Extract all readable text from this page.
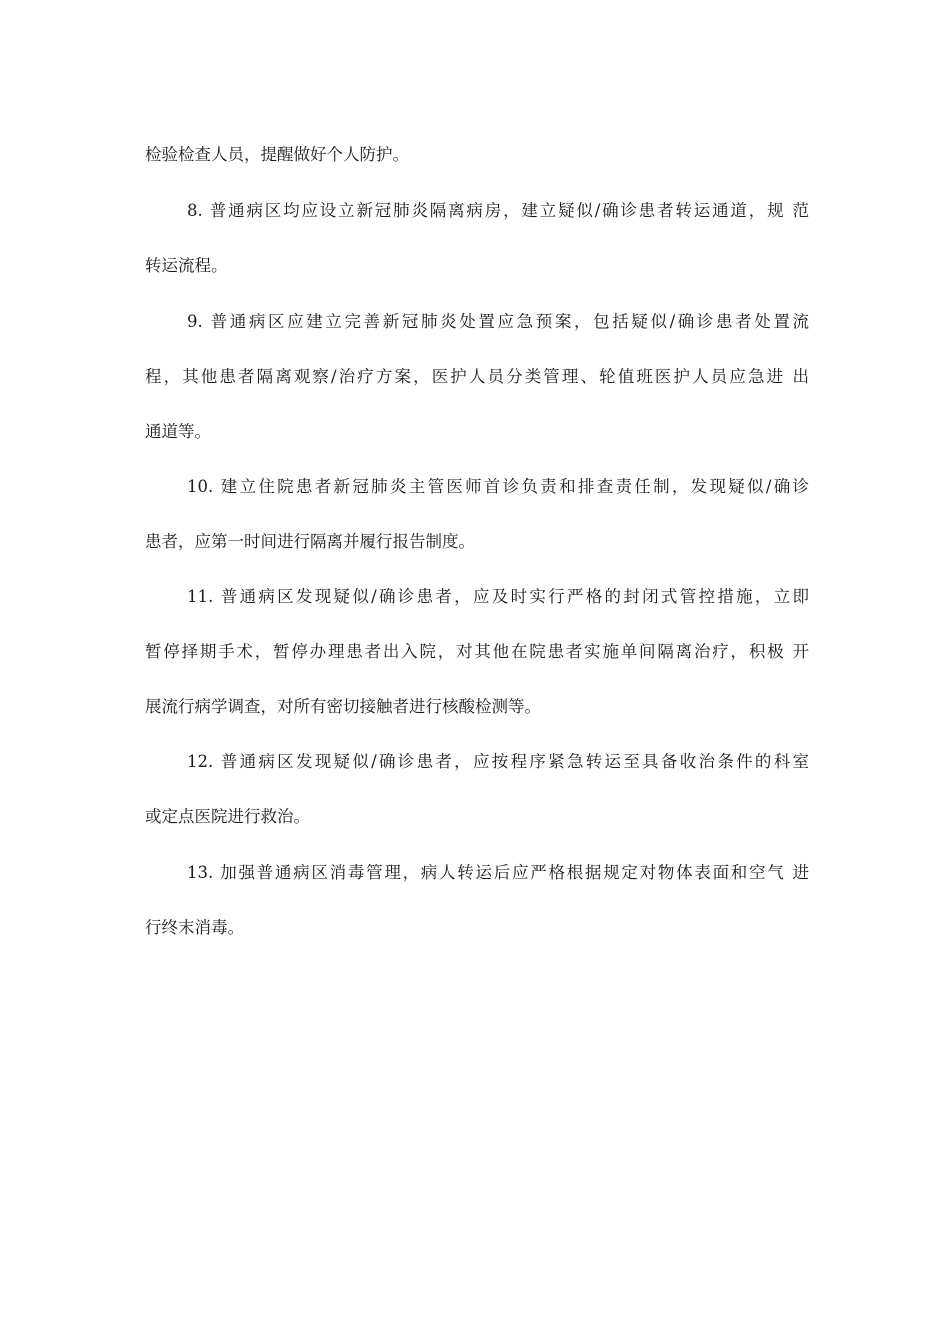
检验检查人员，提醒做好个人防护。
8. 普通病区均应设立新冠肺炎隔离病房，建立疑似/确诊患者转运通道，规 范
转运流程。
9. 普通病区应建立完善新冠肺炎处置应急预案，包括疑似/确诊患者处置流
程，其他患者隔离观察/治疗方案，医护人员分类管理、轮值班医护人员应急进 出
通道等。
10. 建立住院患者新冠肺炎主管医师首诊负责和排查责任制，发现疑似/确诊
患者，应第一时间进行隔离并履行报告制度。
11. 普通病区发现疑似/确诊患者，应及时实行严格的封闭式管控措施，立即
暂停择期手术，暂停办理患者出入院，对其他在院患者实施单间隔离治疗，积极 开
展流行病学调查，对所有密切接触者进行核酸检测等。
12. 普通病区发现疑似/确诊患者，应按程序紧急转运至具备收治条件的科室
或定点医院进行救治。
13. 加强普通病区消毒管理，病人转运后应严格根据规定对物体表面和空气 进
行终末消毒。
